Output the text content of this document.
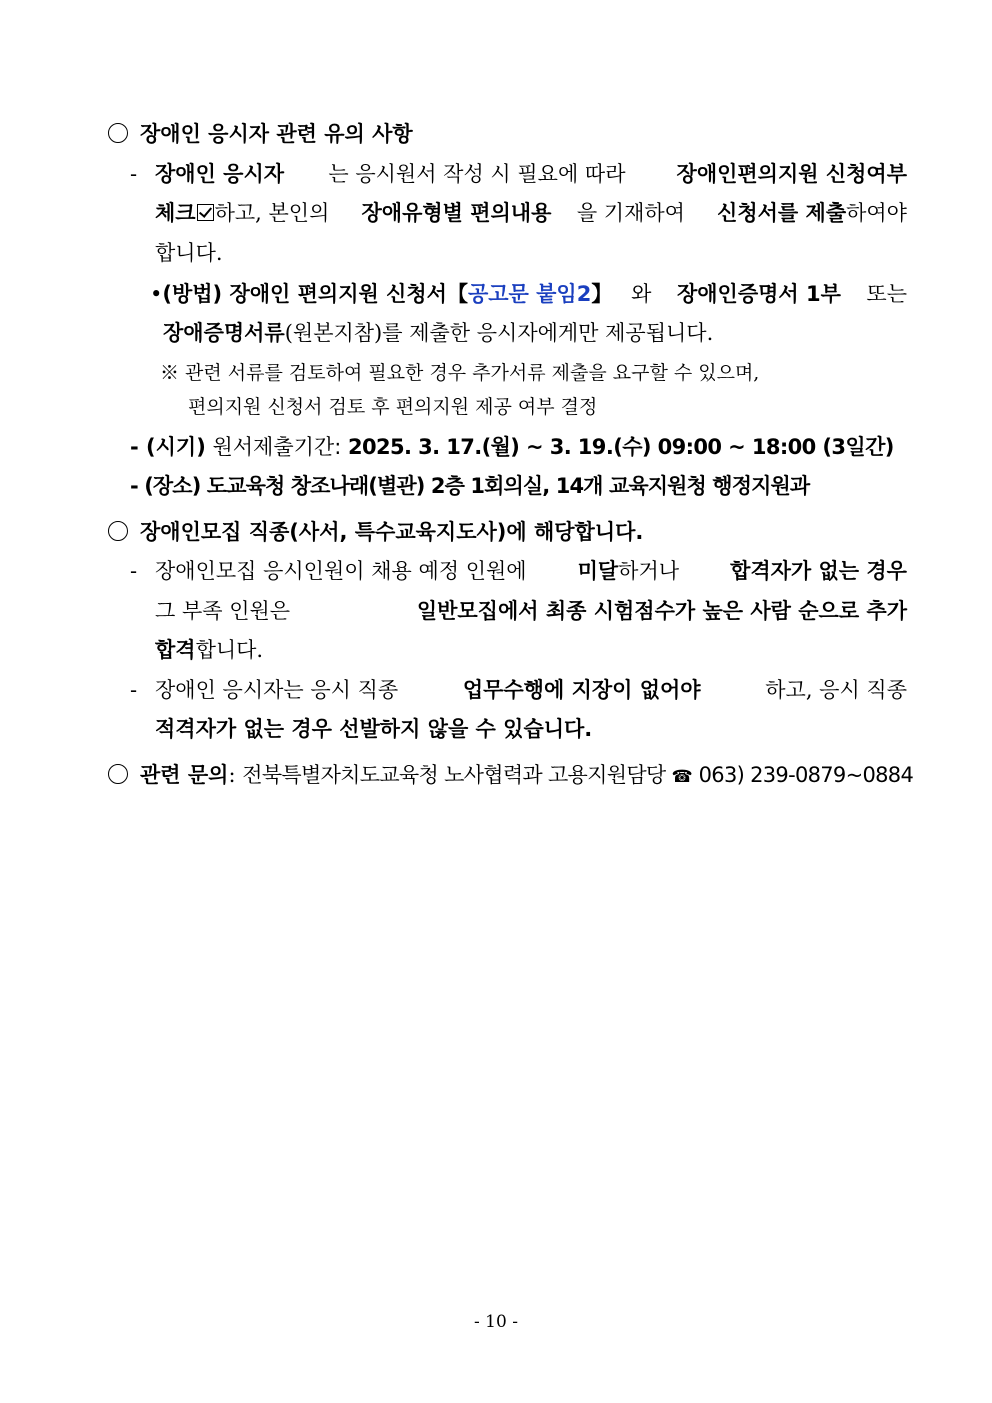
장애인 응시자 관련 유의 사항
- 장애인 응시자	는 응시원서 작성 시 필요에 따라	장애인편의지원 신청여부
체크 하고, 본인의 장애유형별 편의내용 을 기재하여 신청서를 제출하여야
합니다.
•(방법) 장애인 편의지원 신청서【공고문 붙임2】 와 장애인증명서 1부 또는
장애증명서류(원본지참)를 제출한 응시자에게만 제공됩니다.
※ 관련 서류를 검토하여 필요한 경우 추가서류 제출을 요구할 수 있으며,
편의지원 신청서 검토 후 편의지원 제공 여부 결정
- (시기) 원서제출기간: 2025. 3. 17.(월) ~ 3. 19.(수) 09:00 ~ 18:00 (3일간)
- (장소) 도교육청 창조나래(별관) 2층 1회의실, 14개 교육지원청 행정지원과
장애인모집 직종(사서, 특수교육지도사)에 해당합니다.
- 장애인모집 응시인원이 채용 예정 인원에 미달하거나 합격자가 없는 경우
그 부족 인원은	일반모집에서 최종 시험점수가 높은 사람 순으로 추가
합격합니다.
- 장애인 응시자는 응시 직종	업무수행에 지장이 없어야	하고, 응시 직종
적격자가 없는 경우 선발하지 않을 수 있습니다.
관련 문의: 전북특별자치도교육청 노사협력과 고용지원담당 ☎ 063) 239-0879~0884
- 10 -
